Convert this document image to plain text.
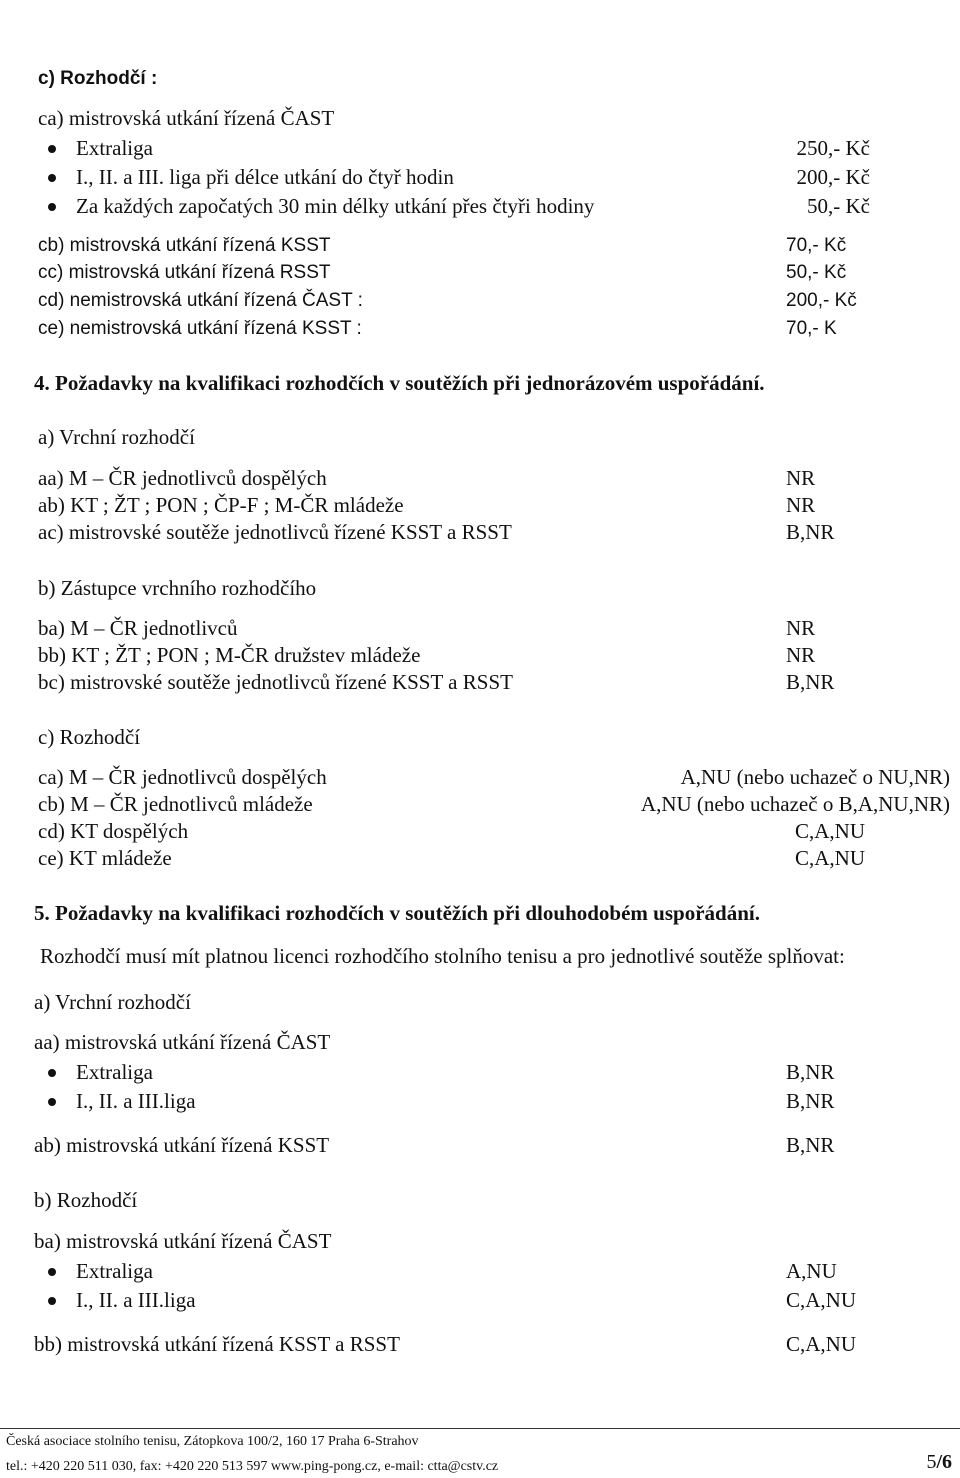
c) Rozhodčí :
ca) mistrovská utkání řízená ČAST
Extraliga	250,- Kč
I., II. a III. liga při délce utkání do čtyř hodin	200,- Kč
Za každých započatých 30 min délky utkání přes čtyři hodiny	50,- Kč
cb) mistrovská utkání řízená KSST	70,- Kč
cc) mistrovská utkání řízená RSST	50,- Kč
cd) nemistrovská utkání řízená ČAST :	200,- Kč
ce) nemistrovská utkání řízená KSST :	70,- K
4. Požadavky na kvalifikaci rozhodčích v soutěžích při jednorázovém uspořádání.
a) Vrchní rozhodčí
aa) M – ČR jednotlivců dospělých	NR
ab) KT ; ŽT ; PON ; ČP-F ; M-ČR mládeže	NR
ac) mistrovské soutěže jednotlivců řízené KSST a RSST	B,NR
b) Zástupce vrchního rozhodčího
ba) M – ČR jednotlivců	NR
bb) KT ; ŽT ; PON ; M-ČR družstev mládeže	NR
bc) mistrovské soutěže jednotlivců řízené KSST a RSST	B,NR
c) Rozhodčí
ca) M – ČR jednotlivců dospělých	A,NU (nebo uchazeč o NU,NR)
cb) M – ČR jednotlivců mládeže	A,NU (nebo uchazeč o B,A,NU,NR)
cd) KT dospělých	C,A,NU
ce) KT mládeže	C,A,NU
5. Požadavky na kvalifikaci rozhodčích v soutěžích při dlouhodobém uspořádání.
Rozhodčí musí mít platnou licenci rozhodčího stolního tenisu a pro jednotlivé soutěže splňovat:
a) Vrchní rozhodčí
aa) mistrovská utkání řízená ČAST
Extraliga	B,NR
I., II. a III.liga	B,NR
ab) mistrovská utkání řízená KSST	B,NR
b) Rozhodčí
ba) mistrovská utkání řízená ČAST
Extraliga	A,NU
I., II. a III.liga	C,A,NU
bb) mistrovská utkání řízená KSST a RSST	C,A,NU
Česká asociace stolního tenisu, Zátopkova 100/2, 160 17 Praha 6-Strahov
tel.: +420 220 511 030, fax: +420 220 513 597 www.ping-pong.cz, e-mail: ctta@cstv.cz	5/6
